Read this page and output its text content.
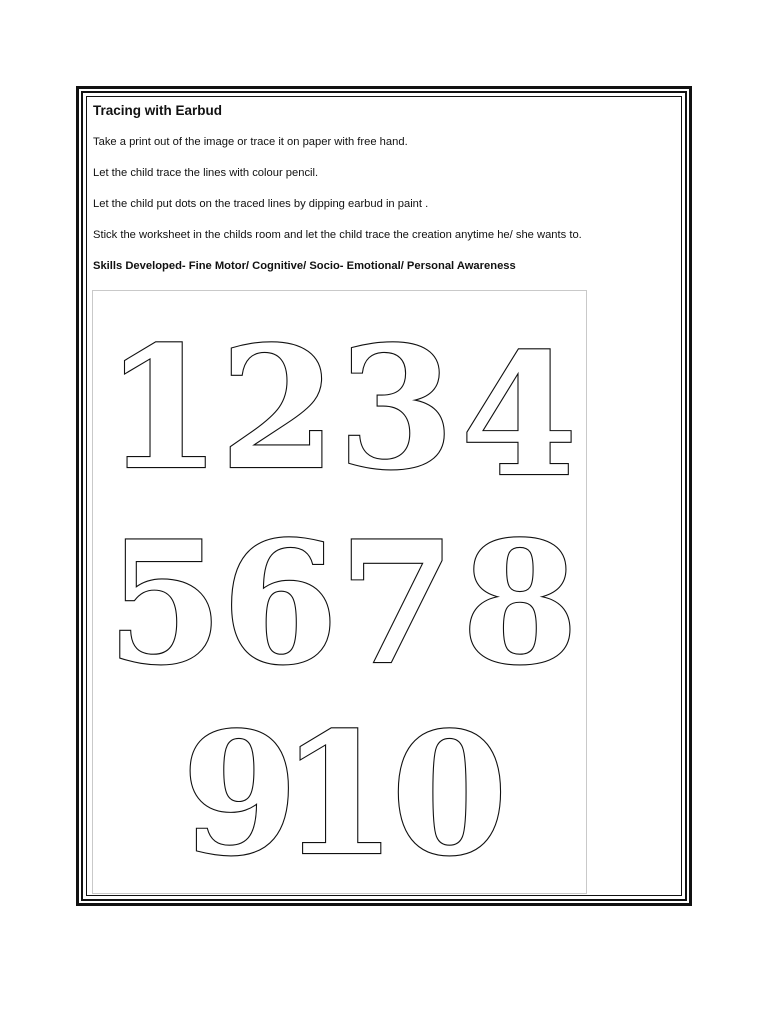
Tracing with Earbud
Take a print out of the image or trace it on paper with free hand.
Let the child trace the lines with colour pencil.
Let the child put dots on the traced lines by dipping earbud in paint .
Stick the worksheet in the childs room and let the child trace the creation anytime he/ she wants to.
Skills Developed- Fine Motor/ Cognitive/ Socio- Emotional/ Personal Awareness
1
2 3 4
5
6 7 8
9
10
